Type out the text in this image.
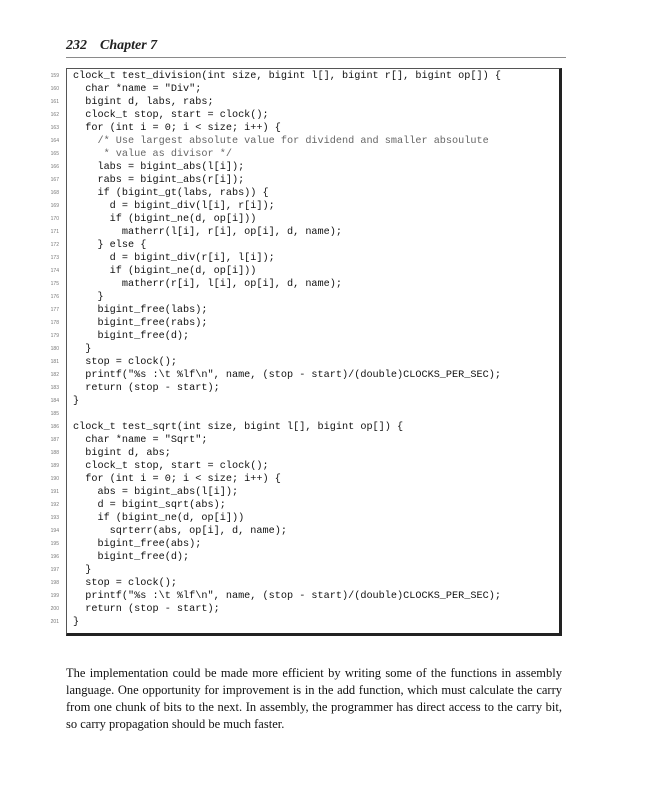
232 Chapter 7
159 clock_t test_division(int size, bigint l[], bigint r[], bigint op[]) {
160 char *name = "Div";
161 bigint d, labs, rabs;
162 clock_t stop, start = clock();
163 for (int i = 0; i < size; i++) {
164 /* Use largest absolute value for dividend and smaller absoulute
165 * value as divisor */
166 labs = bigint_abs(l[i]);
167 rabs = bigint_abs(r[i]);
168 if (bigint_gt(labs, rabs)) {
169 d = bigint_div(l[i], r[i]);
170 if (bigint_ne(d, op[i]))
171 matherr(l[i], r[i], op[i], d, name);
172 } else {
173 d = bigint_div(r[i], l[i]);
174 if (bigint_ne(d, op[i]))
175 matherr(r[i], l[i], op[i], d, name);
176 }
177 bigint_free(labs);
178 bigint_free(rabs);
179 bigint_free(d);
180 }
181 stop = clock();
182 printf("%s :\t %lf\n", name, (stop - start)/(double)CLOCKS_PER_SEC);
183 return (stop - start);
184 }
185
186 clock_t test_sqrt(int size, bigint l[], bigint op[]) {
187 char *name = "Sqrt";
188 bigint d, abs;
189 clock_t stop, start = clock();
190 for (int i = 0; i < size; i++) {
191 abs = bigint_abs(l[i]);
192 d = bigint_sqrt(abs);
193 if (bigint_ne(d, op[i]))
194 sqrterr(abs, op[i], d, name);
195 bigint_free(abs);
196 bigint_free(d);
197 }
198 stop = clock();
199 printf("%s :\t %lf\n", name, (stop - start)/(double)CLOCKS_PER_SEC);
200 return (stop - start);
201 }

The implementation could be made more efficient by writing some of the functions in assembly language. One opportunity for improvement is in the add function, which must calculate the carry from one chunk of bits to the next. In assembly, the programmer has direct access to the carry bit, so carry propagation should be much faster.
